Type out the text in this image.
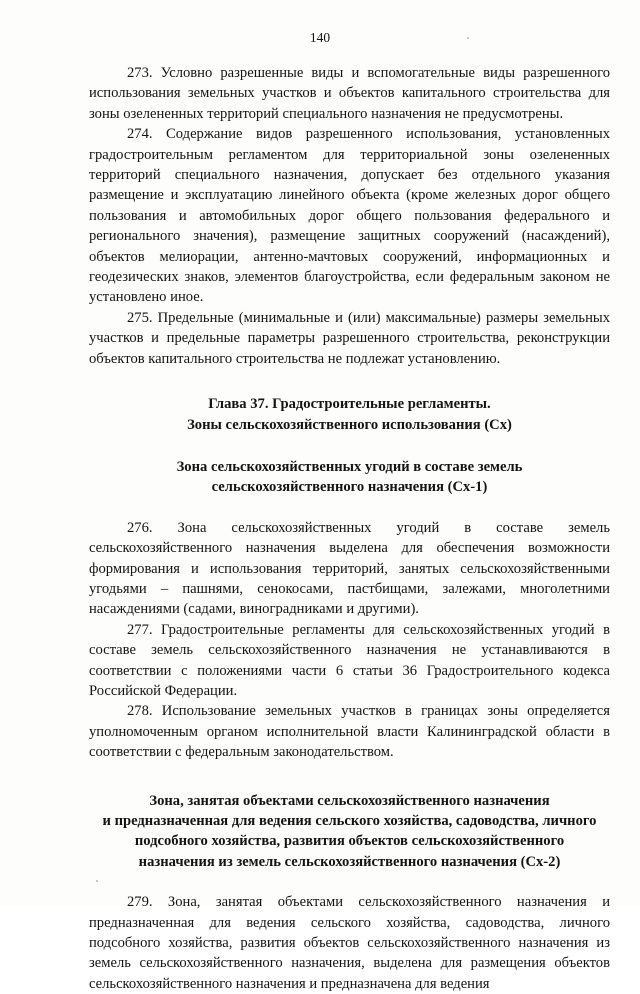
140

273. Условно разрешенные виды и вспомогательные виды разрешенного использования земельных участков и объектов капитального строительства для зоны озелененных территорий специального назначения не предусмотрены.

274. Содержание видов разрешенного использования, установленных градостроительным регламентом для территориальной зоны озелененных территорий специального назначения, допускает без отдельного указания размещение и эксплуатацию линейного объекта (кроме железных дорог общего пользования и автомобильных дорог общего пользования федерального и регионального значения), размещение защитных сооружений (насаждений), объектов мелиорации, антенно-мачтовых сооружений, информационных и геодезических знаков, элементов благоустройства, если федеральным законом не установлено иное.

275. Предельные (минимальные и (или) максимальные) размеры земельных участков и предельные параметры разрешенного строительства, реконструкции объектов капитального строительства не подлежат установлению.

Глава 37. Градостроительные регламенты.
Зоны сельскохозяйственного использования (Сх)
Зона сельскохозяйственных угодий в составе земель
сельскохозяйственного назначения (Сх-1)

276. Зона сельскохозяйственных угодий в составе земель сельскохозяйственного назначения выделена для обеспечения возможности формирования и использования территорий, занятых сельскохозяйственными угодьями – пашнями, сенокосами, пастбищами, залежами, многолетними насаждениями (садами, виноградниками и другими).

277. Градостроительные регламенты для сельскохозяйственных угодий в составе земель сельскохозяйственного назначения не устанавливаются в соответствии с положениями части 6 статьи 36 Градостроительного кодекса Российской Федерации.

278. Использование земельных участков в границах зоны определяется уполномоченным органом исполнительной власти Калининградской области в соответствии с федеральным законодательством.

Зона, занятая объектами сельскохозяйственного назначения
и предназначенная для ведения сельского хозяйства, садоводства, личного
подсобного хозяйства, развития объектов сельскохозяйственного
назначения из земель сельскохозяйственного назначения (Сх-2)

279. Зона, занятая объектами сельскохозяйственного назначения и предназначенная для ведения сельского хозяйства, садоводства, личного подсобного хозяйства, развития объектов сельскохозяйственного назначения из земель сельскохозяйственного назначения, выделена для размещения объектов сельскохозяйственного назначения и предназначена для ведения
